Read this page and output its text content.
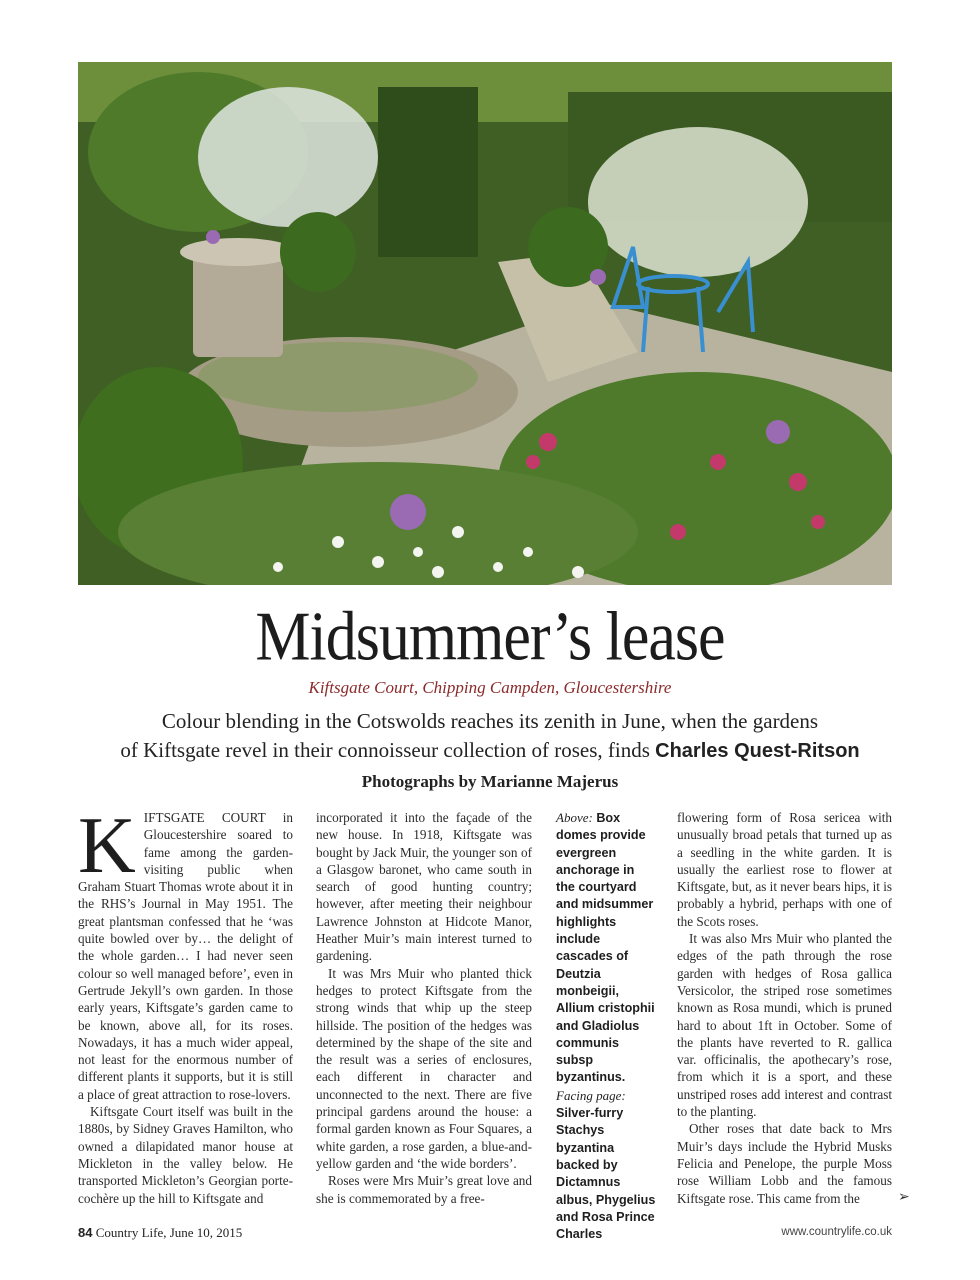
Midsummer’s lease
Kiftsgate Court, Chipping Campden, Gloucestershire
Colour blending in the Cotswolds reaches its zenith in June, when the gardens
of Kiftsgate revel in their connoisseur collection of roses, finds Charles Quest-Ritson
Photographs by Marianne Majerus

KIFTSGATE COURT in Gloucestershire soared to fame among the garden-visiting public when Graham Stuart Thomas wrote about it in the RHS’s Journal in May 1951. The great plantsman confessed that he ‘was quite bowled over by… the delight of the whole garden… I had never seen colour so well managed before’, even in Gertrude Jekyll’s own garden. In those early years, Kiftsgate’s garden came to be known, above all, for its roses. Nowadays, it has a much wider appeal, not least for the enormous number of different plants it supports, but it is still a place of great attraction to rose-lovers.

Kiftsgate Court itself was built in the 1880s, by Sidney Graves Hamilton, who owned a dilapidated manor house at Mickleton in the valley below. He transported Mickleton’s Georgian porte-cochère up the hill to Kiftsgate and

incorporated it into the façade of the new house. In 1918, Kiftsgate was bought by Jack Muir, the younger son of a Glasgow baronet, who came south in search of good hunting country; however, after meeting their neighbour Lawrence Johnston at Hidcote Manor, Heather Muir’s main interest turned to gardening.

It was Mrs Muir who planted thick hedges to protect Kiftsgate from the strong winds that whip up the steep hillside. The position of the hedges was determined by the shape of the site and the result was a series of enclosures, each different in character and unconnected to the next. There are five principal gardens around the house: a formal garden known as Four Squares, a white garden, a rose garden, a blue-and-yellow garden and ‘the wide borders’.

Roses were Mrs Muir’s great love and she is commemorated by a free-

Above: Box domes provide evergreen anchorage in the courtyard and midsummer highlights include cascades of Deutzia monbeigii, Allium cristophii and Gladiolus communis subsp byzantinus.

Facing page: Silver-furry Stachys byzantina backed by Dictamnus albus, Phygelius and Rosa Prince Charles

flowering form of Rosa sericea with unusually broad petals that turned up as a seedling in the white garden. It is usually the earliest rose to flower at Kiftsgate, but, as it never bears hips, it is probably a hybrid, perhaps with one of the Scots roses.

It was also Mrs Muir who planted the edges of the path through the rose garden with hedges of Rosa gallica Versicolor, the striped rose sometimes known as Rosa mundi, which is pruned hard to about 1ft in October. Some of the plants have reverted to R. gallica var. officinalis, the apothecary’s rose, from which it is a sport, and these unstriped roses add interest and contrast to the planting.

Other roses that date back to Mrs Muir’s days include the Hybrid Musks Felicia and Penelope, the purple Moss rose William Lobb and the famous Kiftsgate rose. This came from the	➢
84 Country Life, June 10, 2015	www.countrylife.co.uk
